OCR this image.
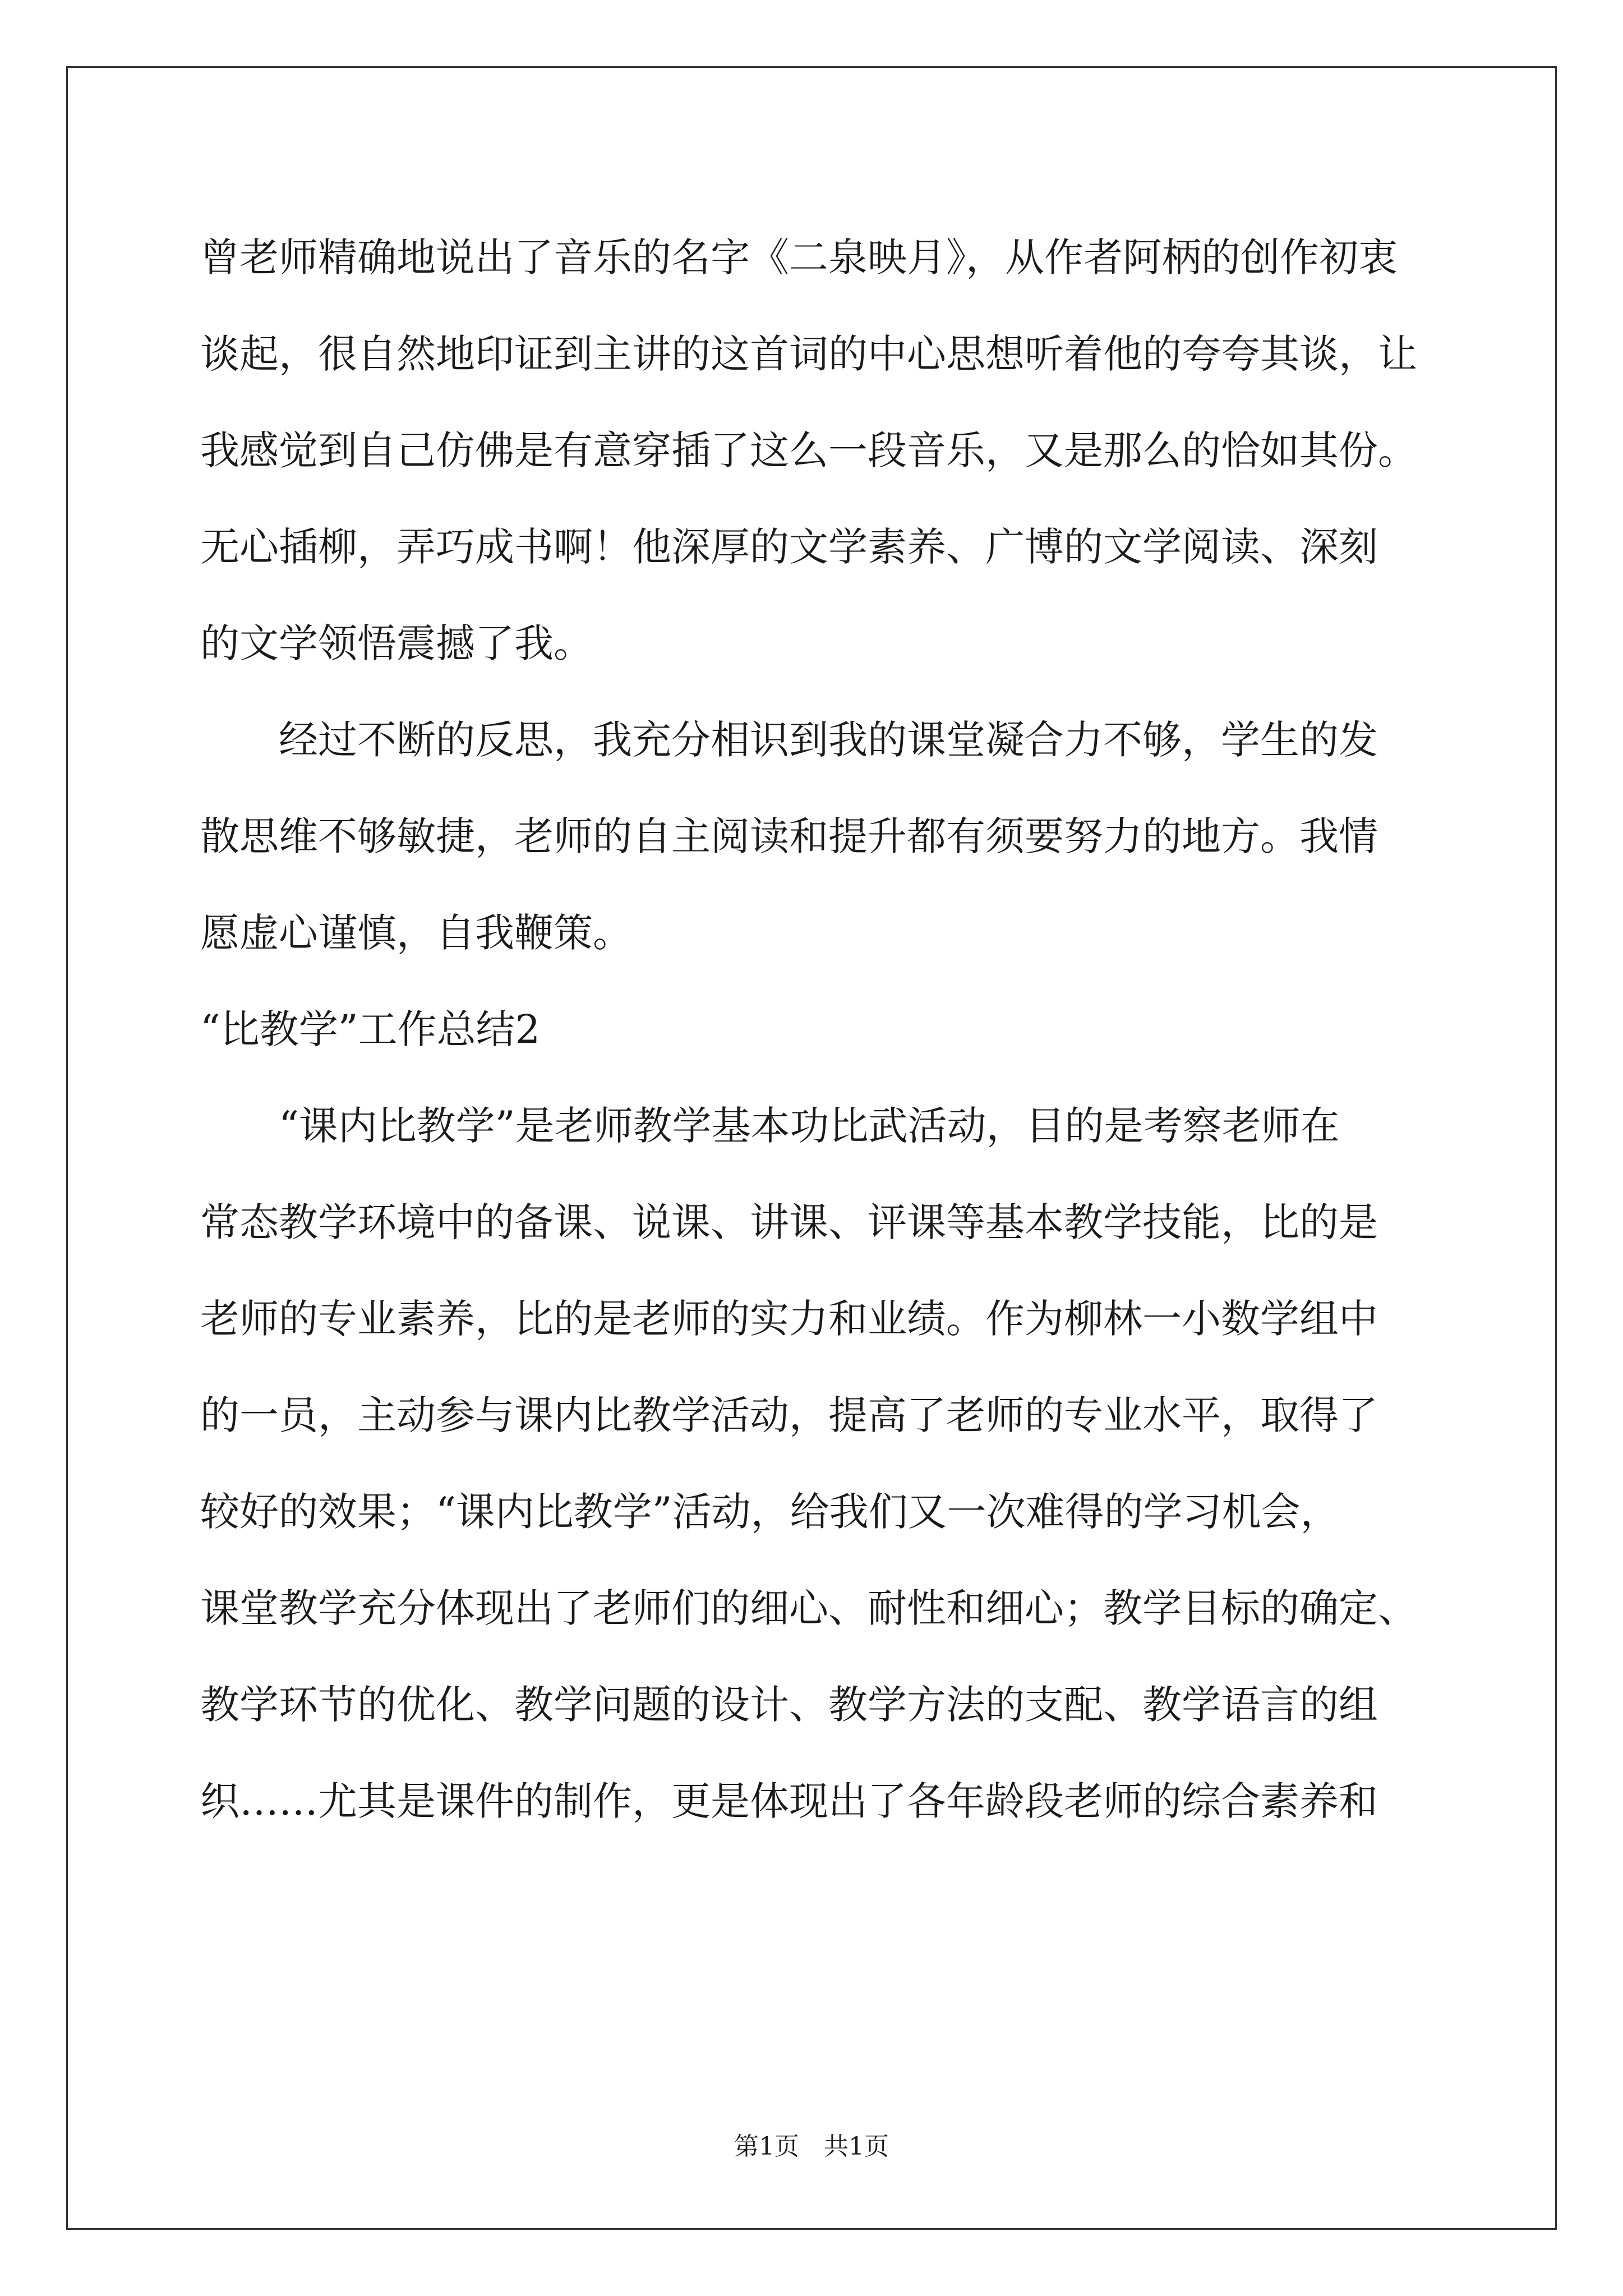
曾老师精确地说出了音乐的名字《二泉映月》，从作者阿柄的创作初衷
谈起，很自然地印证到主讲的这首词的中心思想听着他的夸夸其谈，让
我感觉到自己仿佛是有意穿插了这么一段音乐，又是那么的恰如其份。
无心插柳，弄巧成书啊！他深厚的文学素养、广博的文学阅读、深刻
的文学领悟震撼了我。
经过不断的反思，我充分相识到我的课堂凝合力不够，学生的发
散思维不够敏捷，老师的自主阅读和提升都有须要努力的地方。我情
愿虚心谨慎，自我鞭策。
“比教学”工作总结2
“课内比教学”是老师教学基本功比武活动，目的是考察老师在
常态教学环境中的备课、说课、讲课、评课等基本教学技能，比的是
老师的专业素养，比的是老师的实力和业绩。作为柳林一小数学组中
的一员，主动参与课内比教学活动，提高了老师的专业水平，取得了
较好的效果；“课内比教学”活动，给我们又一次难得的学习机会，
课堂教学充分体现出了老师们的细心、耐性和细心；教学目标的确定、
教学环节的优化、教学问题的设计、教学方法的支配、教学语言的组
织……尤其是课件的制作，更是体现出了各年龄段老师的综合素养和
第1页　共1页
